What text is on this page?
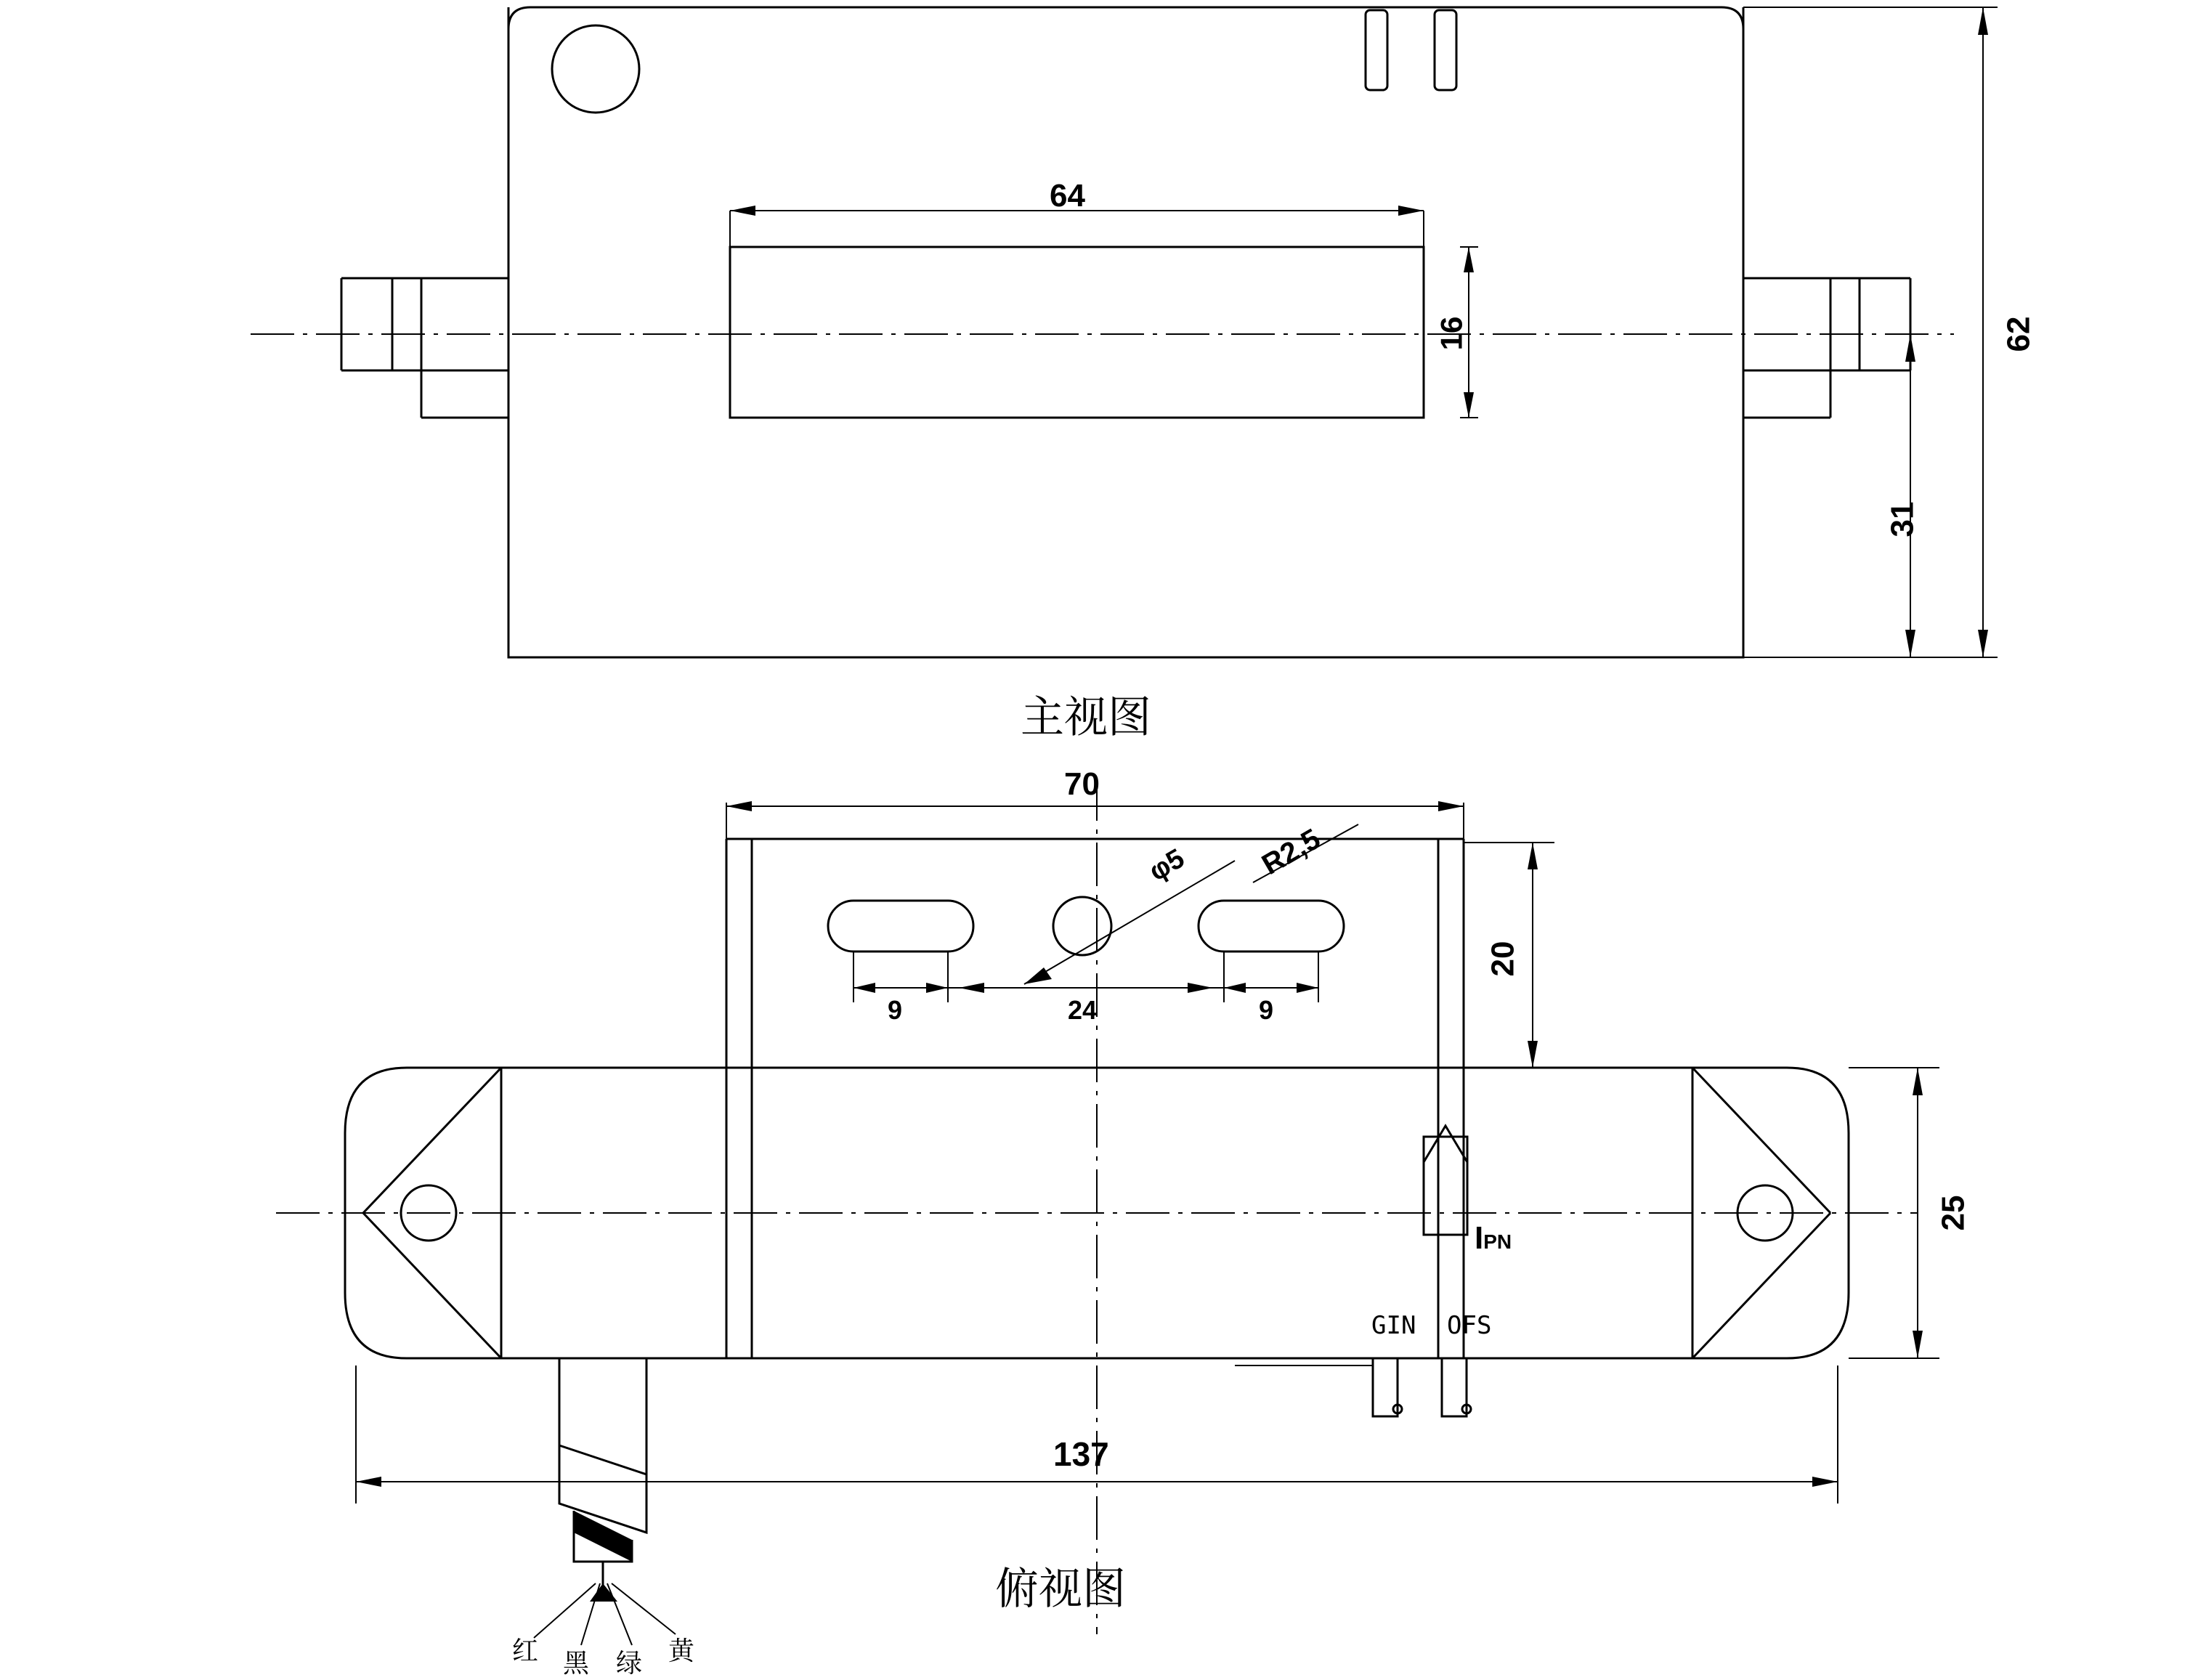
64
16	62
31
主视图
70
9	9
24
20
25
137
φ5 R2,5
IPN
GIN OFS
俯视图
红 黑 绿 黄
